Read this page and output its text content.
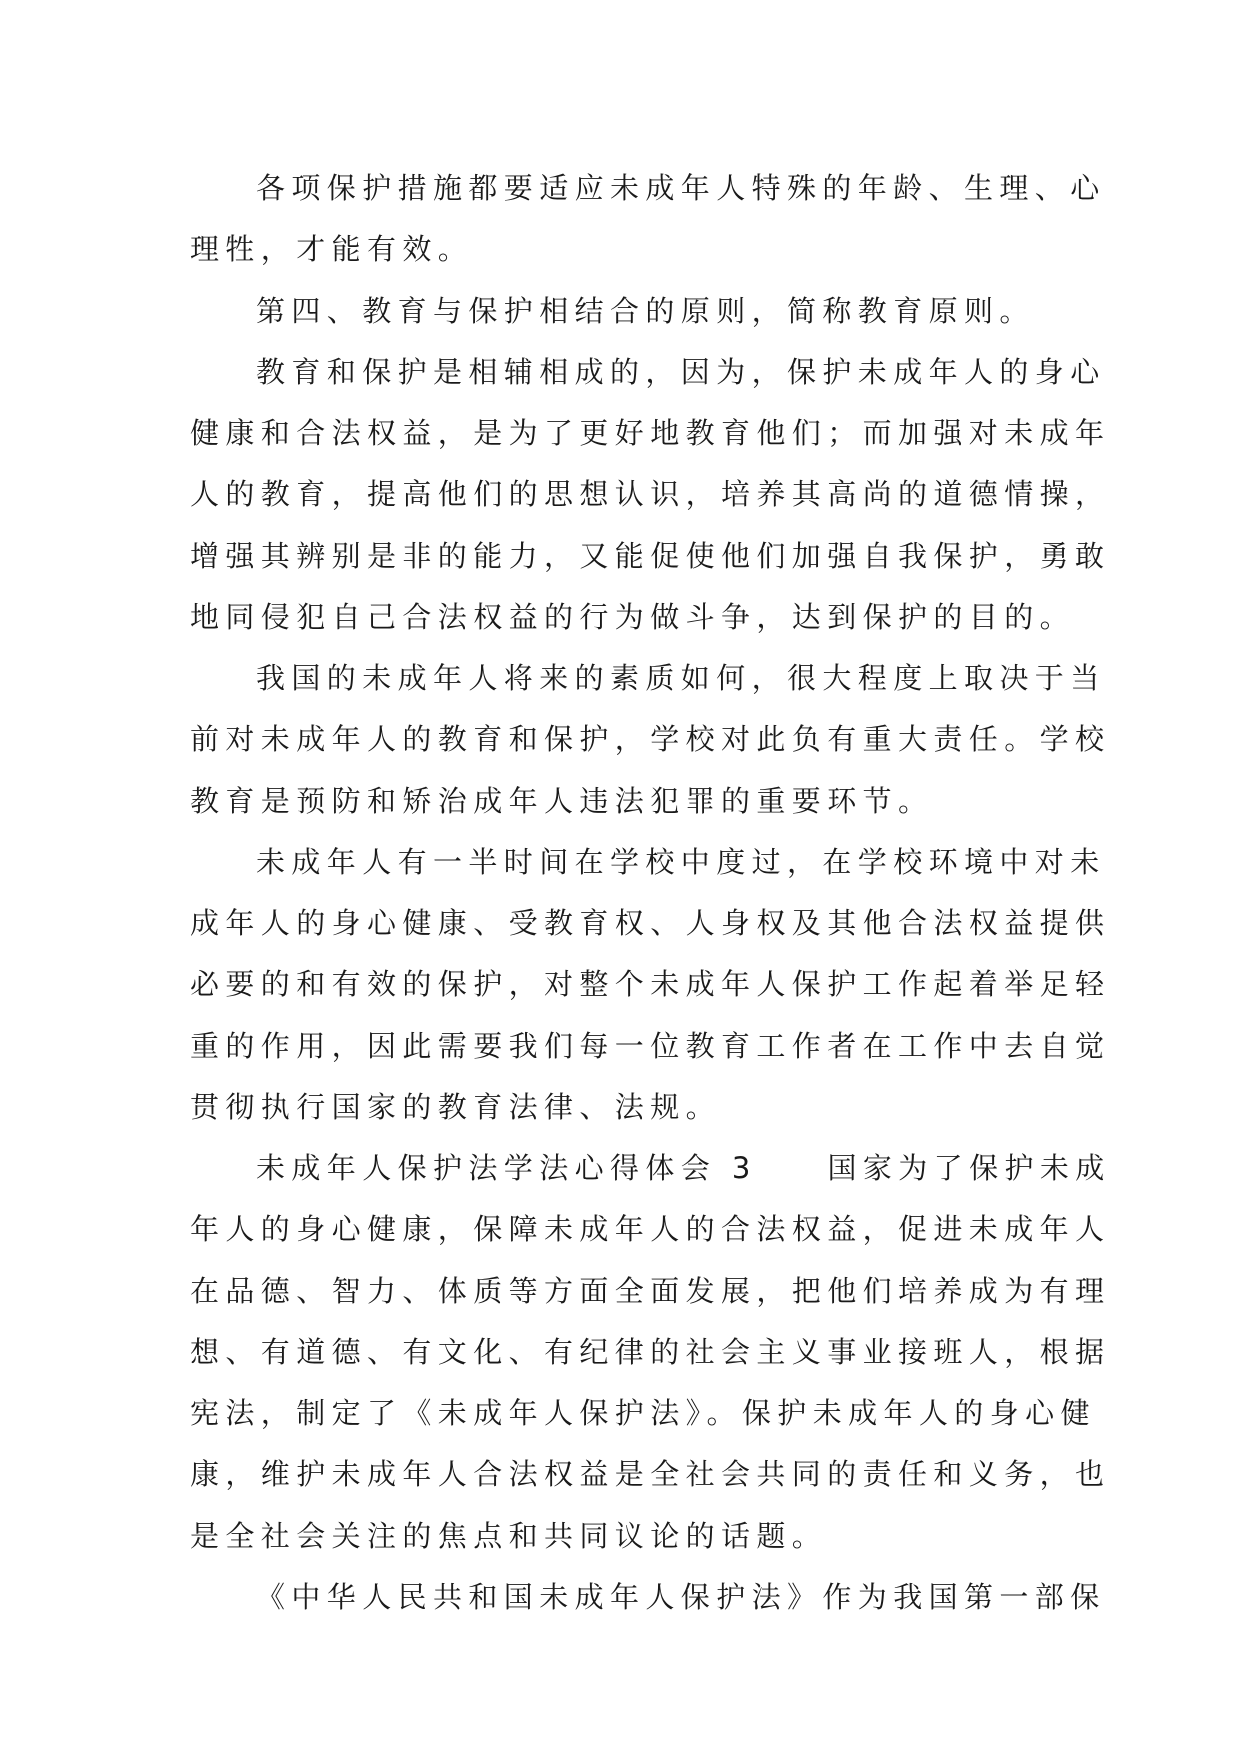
各项保护措施都要适应未成年人特殊的年龄、生理、心
理牲，才能有效。
第四、教育与保护相结合的原则，简称教育原则。
教育和保护是相辅相成的，因为，保护未成年人的身心
健康和合法权益，是为了更好地教育他们；而加强对未成年
人的教育，提高他们的思想认识，培养其高尚的道德情操，
增强其辨别是非的能力，又能促使他们加强自我保护，勇敢
地同侵犯自己合法权益的行为做斗争，达到保护的目的。
我国的未成年人将来的素质如何，很大程度上取决于当
前对未成年人的教育和保护，学校对此负有重大责任。学校
教育是预防和矫治成年人违法犯罪的重要环节。
未成年人有一半时间在学校中度过，在学校环境中对未
成年人的身心健康、受教育权、人身权及其他合法权益提供
必要的和有效的保护，对整个未成年人保护工作起着举足轻
重的作用，因此需要我们每一位教育工作者在工作中去自觉
贯彻执行国家的教育法律、法规。
未成年人保护法学法心得体会 3　　国家为了保护未成
年人的身心健康，保障未成年人的合法权益，促进未成年人
在品德、智力、体质等方面全面发展，把他们培养成为有理
想、有道德、有文化、有纪律的社会主义事业接班人，根据
宪法，制定了《未成年人保护法》。保护未成年人的身心健
康，维护未成年人合法权益是全社会共同的责任和义务，也
是全社会关注的焦点和共同议论的话题。
《中华人民共和国未成年人保护法》作为我国第一部保
